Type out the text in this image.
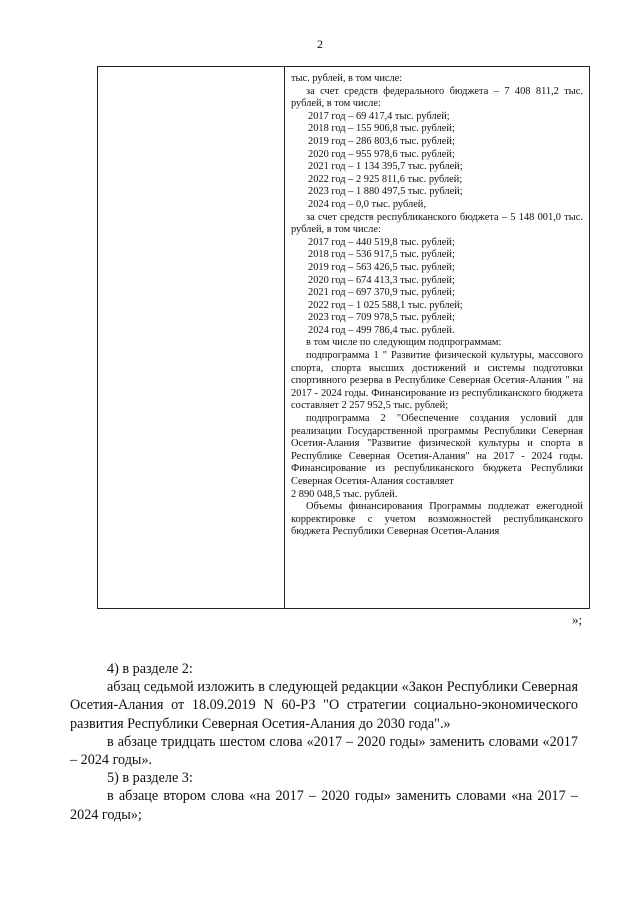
2

тыс. рублей, в том числе:

за счет средств федерального бюджета – 7 408 811,2 тыс. рублей, в том числе:

2017 год – 69 417,4 тыс. рублей;

2018 год – 155 906,8 тыс. рублей;

2019 год – 286 803,6 тыс. рублей;

2020 год – 955 978,6 тыс. рублей;

2021 год – 1 134 395,7 тыс. рублей;

2022 год – 2 925 811,6 тыс. рублей;

2023 год – 1 880 497,5 тыс. рублей;

2024 год – 0,0 тыс. рублей,

за счет средств республиканского бюджета – 5 148 001,0 тыс. рублей, в том числе:

2017 год – 440 519,8 тыс. рублей;

2018 год – 536 917,5 тыс. рублей;

2019 год – 563 426,5 тыс. рублей;

2020 год – 674 413,3 тыс. рублей;

2021 год – 697 370,9 тыс. рублей;

2022 год – 1 025 588,1 тыс. рублей;

2023 год – 709 978,5 тыс. рублей;

2024 год – 499 786,4 тыс. рублей.

в том числе по следующим подпрограммам:

подпрограмма 1 " Развитие физической культуры, массового спорта, спорта высших достижений и системы подготовки спортивного резерва в Республике Северная Осетия-Алания " на 2017 - 2024 годы. Финансирование из республиканского бюджета составляет 2 257 952,5 тыс. рублей;

подпрограмма 2 "Обеспечение создания условий для реализации Государственной программы Республики Северная Осетия-Алания "Развитие физической культуры и спорта в Республике Северная Осетия-Алания" на 2017 - 2024 годы. Финансирование из республиканского бюджета Республики Северная Осетия-Алания составляет

2 890 048,5 тыс. рублей.

Объемы финансирования Программы подлежат ежегодной корректировке с учетом возможностей республиканского бюджета Республики Северная Осетия-Алания

»;

4) в разделе 2:

абзац седьмой изложить в следующей редакции «Закон Республики Северная Осетия-Алания от 18.09.2019 N 60-РЗ "О стратегии социально-экономического развития Республики Северная Осетия-Алания до 2030 года".»

в абзаце тридцать шестом слова «2017 – 2020 годы» заменить словами «2017 – 2024 годы».

5) в разделе 3:

в абзаце втором слова «на 2017 – 2020 годы» заменить словами «на 2017 – 2024 годы»;
